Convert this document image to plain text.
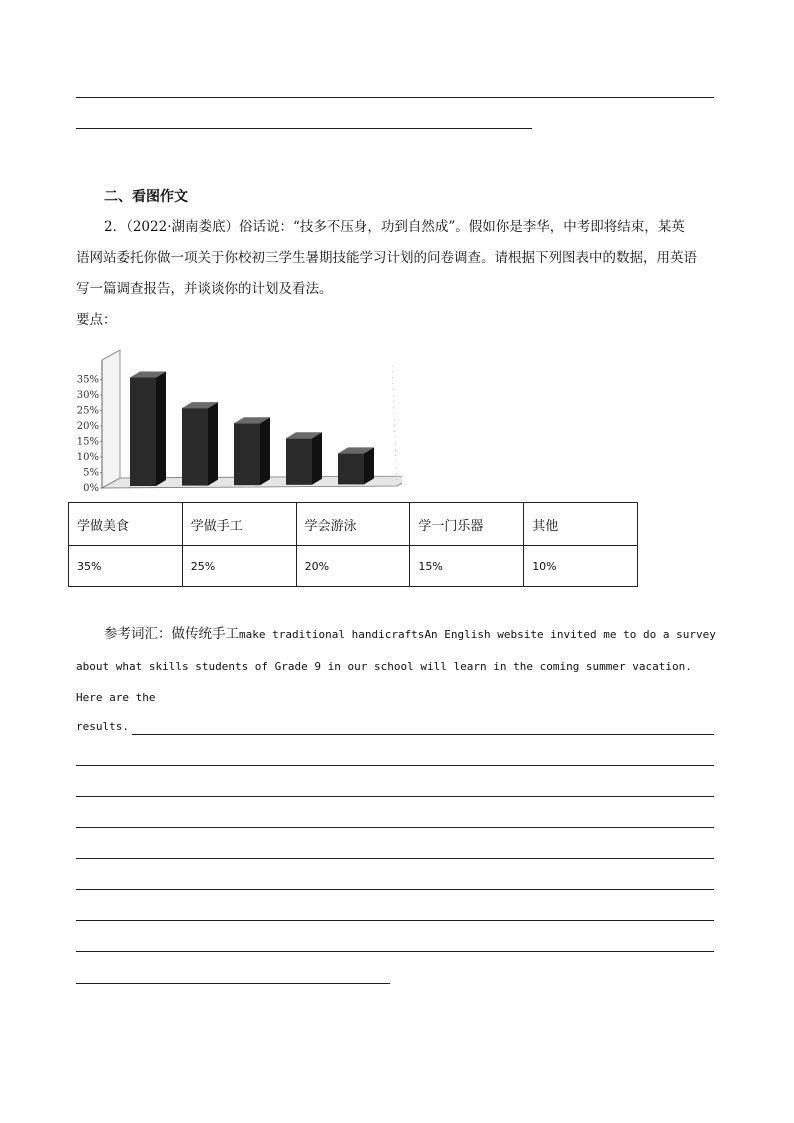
二、看图作文

2．（2022·湖南娄底）俗话说：“技多不压身，功到自然成”。假如你是李华，中考即将结束，某英

语网站委托你做一项关于你校初三学生暑期技能学习计划的问卷调查。请根据下列图表中的数据，用英语

写一篇调查报告，并谈谈你的计划及看法。

要点：

0%
5%
10%
15%
20%
25%
30%
35%
学做美食	学做手工	学会游泳	学一门乐器	其他
35%	25%	20%	15%	10%

参考词汇：做传统手工make traditional handicraftsAn English website invited me to do a survey

about what skills students of Grade 9 in our school will learn in the coming summer vacation.

Here are the

results.
